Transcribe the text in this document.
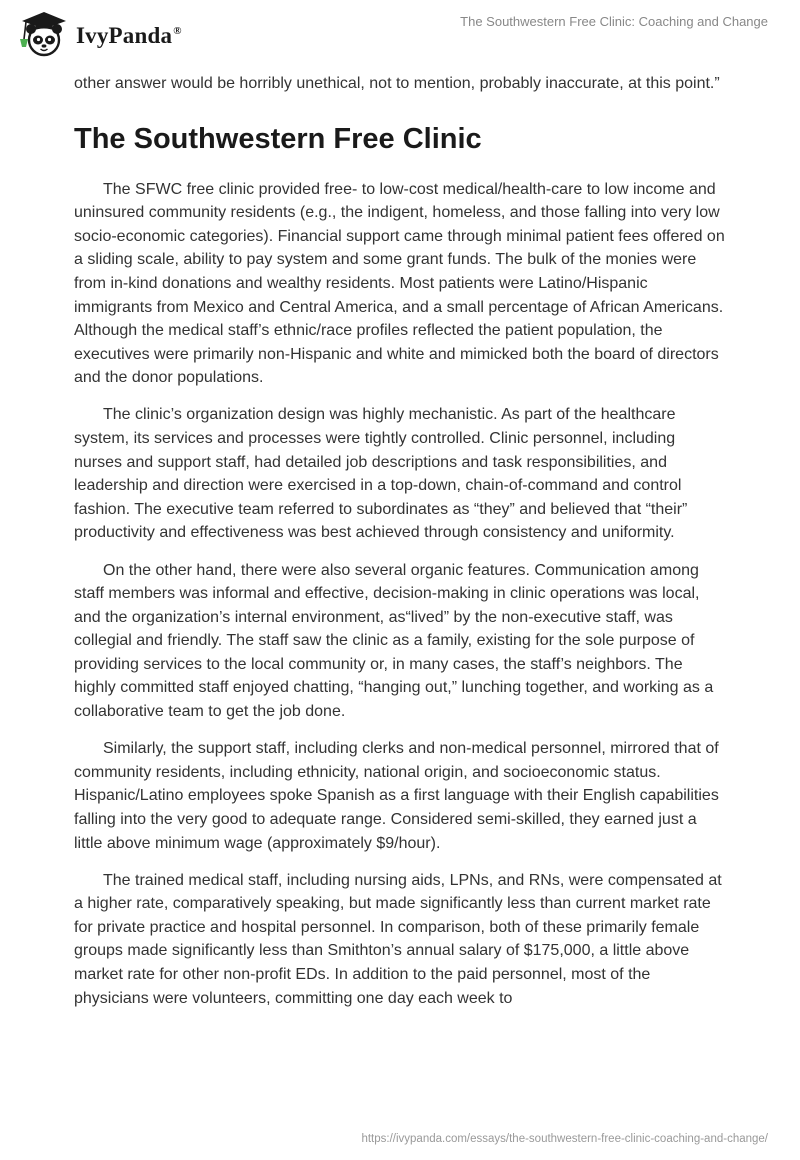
IvyPanda®
The Southwestern Free Clinic: Coaching and Change

other answer would be horribly unethical, not to mention, probably inaccurate, at this point.”

The Southwestern Free Clinic

The SFWC free clinic provided free- to low-cost medical/health-care to low income and uninsured community residents (e.g., the indigent, homeless, and those falling into very low socio-economic categories). Financial support came through minimal patient fees offered on a sliding scale, ability to pay system and some grant funds. The bulk of the monies were from in-kind donations and wealthy residents. Most patients were Latino/Hispanic immigrants from Mexico and Central America, and a small percentage of African Americans. Although the medical staff’s ethnic/race profiles reflected the patient population, the executives were primarily non-Hispanic and white and mimicked both the board of directors and the donor populations.

The clinic’s organization design was highly mechanistic. As part of the healthcare system, its services and processes were tightly controlled. Clinic personnel, including nurses and support staff, had detailed job descriptions and task responsibilities, and leadership and direction were exercised in a top-down, chain-of-command and control fashion. The executive team referred to subordinates as “they” and believed that “their” productivity and effectiveness was best achieved through consistency and uniformity.

On the other hand, there were also several organic features. Communication among staff members was informal and effective, decision-making in clinic operations was local, and the organization’s internal environment, as“lived” by the non-executive staff, was collegial and friendly. The staff saw the clinic as a family, existing for the sole purpose of providing services to the local community or, in many cases, the staff’s neighbors. The highly committed staff enjoyed chatting, “hanging out,” lunching together, and working as a collaborative team to get the job done.

Similarly, the support staff, including clerks and non-medical personnel, mirrored that of community residents, including ethnicity, national origin, and socioeconomic status. Hispanic/Latino employees spoke Spanish as a first language with their English capabilities falling into the very good to adequate range. Considered semi-skilled, they earned just a little above minimum wage (approximately $9/hour).

The trained medical staff, including nursing aids, LPNs, and RNs, were compensated at a higher rate, comparatively speaking, but made significantly less than current market rate for private practice and hospital personnel. In comparison, both of these primarily female groups made significantly less than Smithton’s annual salary of $175,000, a little above market rate for other non-profit EDs. In addition to the paid personnel, most of the physicians were volunteers, committing one day each week to

https://ivypanda.com/essays/the-southwestern-free-clinic-coaching-and-change/
